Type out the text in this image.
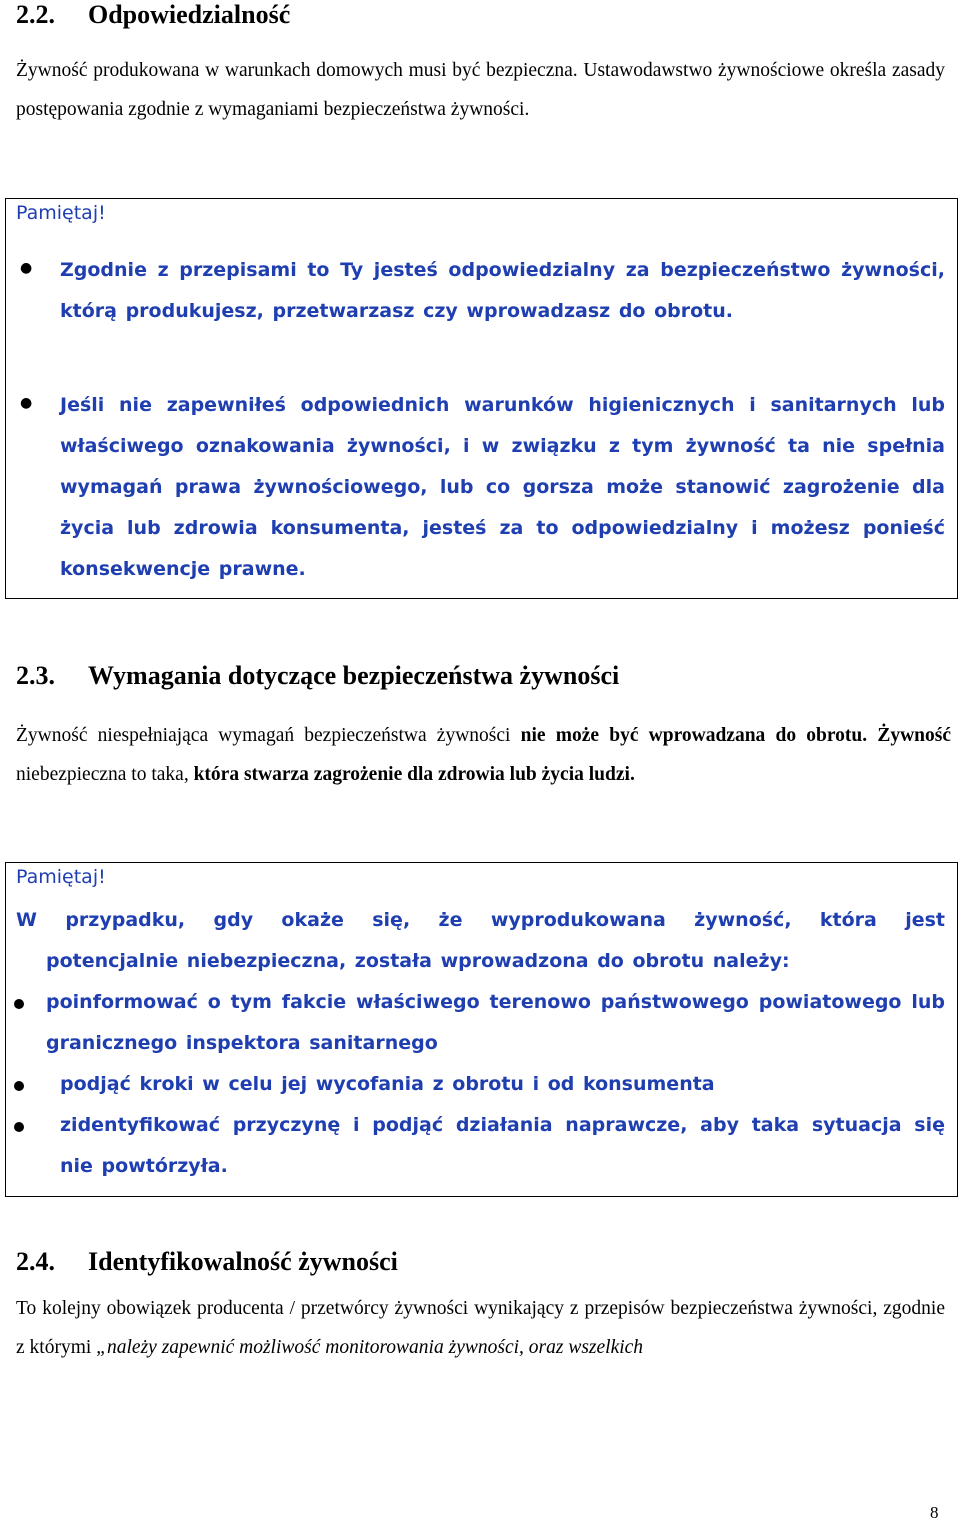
2.2. Odpowiedzialność
Żywność produkowana w warunkach domowych musi być bezpieczna. Ustawodawstwo żywnościowe określa zasady postępowania zgodnie z wymaganiami bezpieczeństwa żywności.
Pamiętaj!
● Zgodnie z przepisami to Ty jesteś odpowiedzialny za bezpieczeństwo żywności, którą produkujesz, przetwarzasz czy wprowadzasz do obrotu.
● Jeśli nie zapewniłeś odpowiednich warunków higienicznych i sanitarnych lub właściwego oznakowania żywności, i w związku z tym żywność ta nie spełnia wymagań prawa żywnościowego, lub co gorsza może stanowić zagrożenie dla życia lub zdrowia konsumenta, jesteś za to odpowiedzialny i możesz ponieść konsekwencje prawne.
2.3. Wymagania dotyczące bezpieczeństwa żywności
Żywność niespełniająca wymagań bezpieczeństwa żywności nie może być wprowadzana do obrotu. Żywność niebezpieczna to taka, która stwarza zagrożenie dla zdrowia lub życia ludzi.
Pamiętaj!
W przypadku, gdy okaże się, że wyprodukowana żywność, która jest
potencjalnie niebezpieczna, została wprowadzona do obrotu należy:
poinformować o tym fakcie właściwego terenowo państwowego powiatowego lub granicznego inspektora sanitarnego
podjąć kroki w celu jej wycofania z obrotu i od konsumenta
zidentyfikować przyczynę i podjąć działania naprawcze, aby taka sytuacja się nie powtórzyła.
2.4. Identyfikowalność żywności
To kolejny obowiązek producenta / przetwórcy żywności wynikający z przepisów bezpieczeństwa żywności, zgodnie z którymi „należy zapewnić możliwość monitorowania żywności, oraz wszelkich
8
